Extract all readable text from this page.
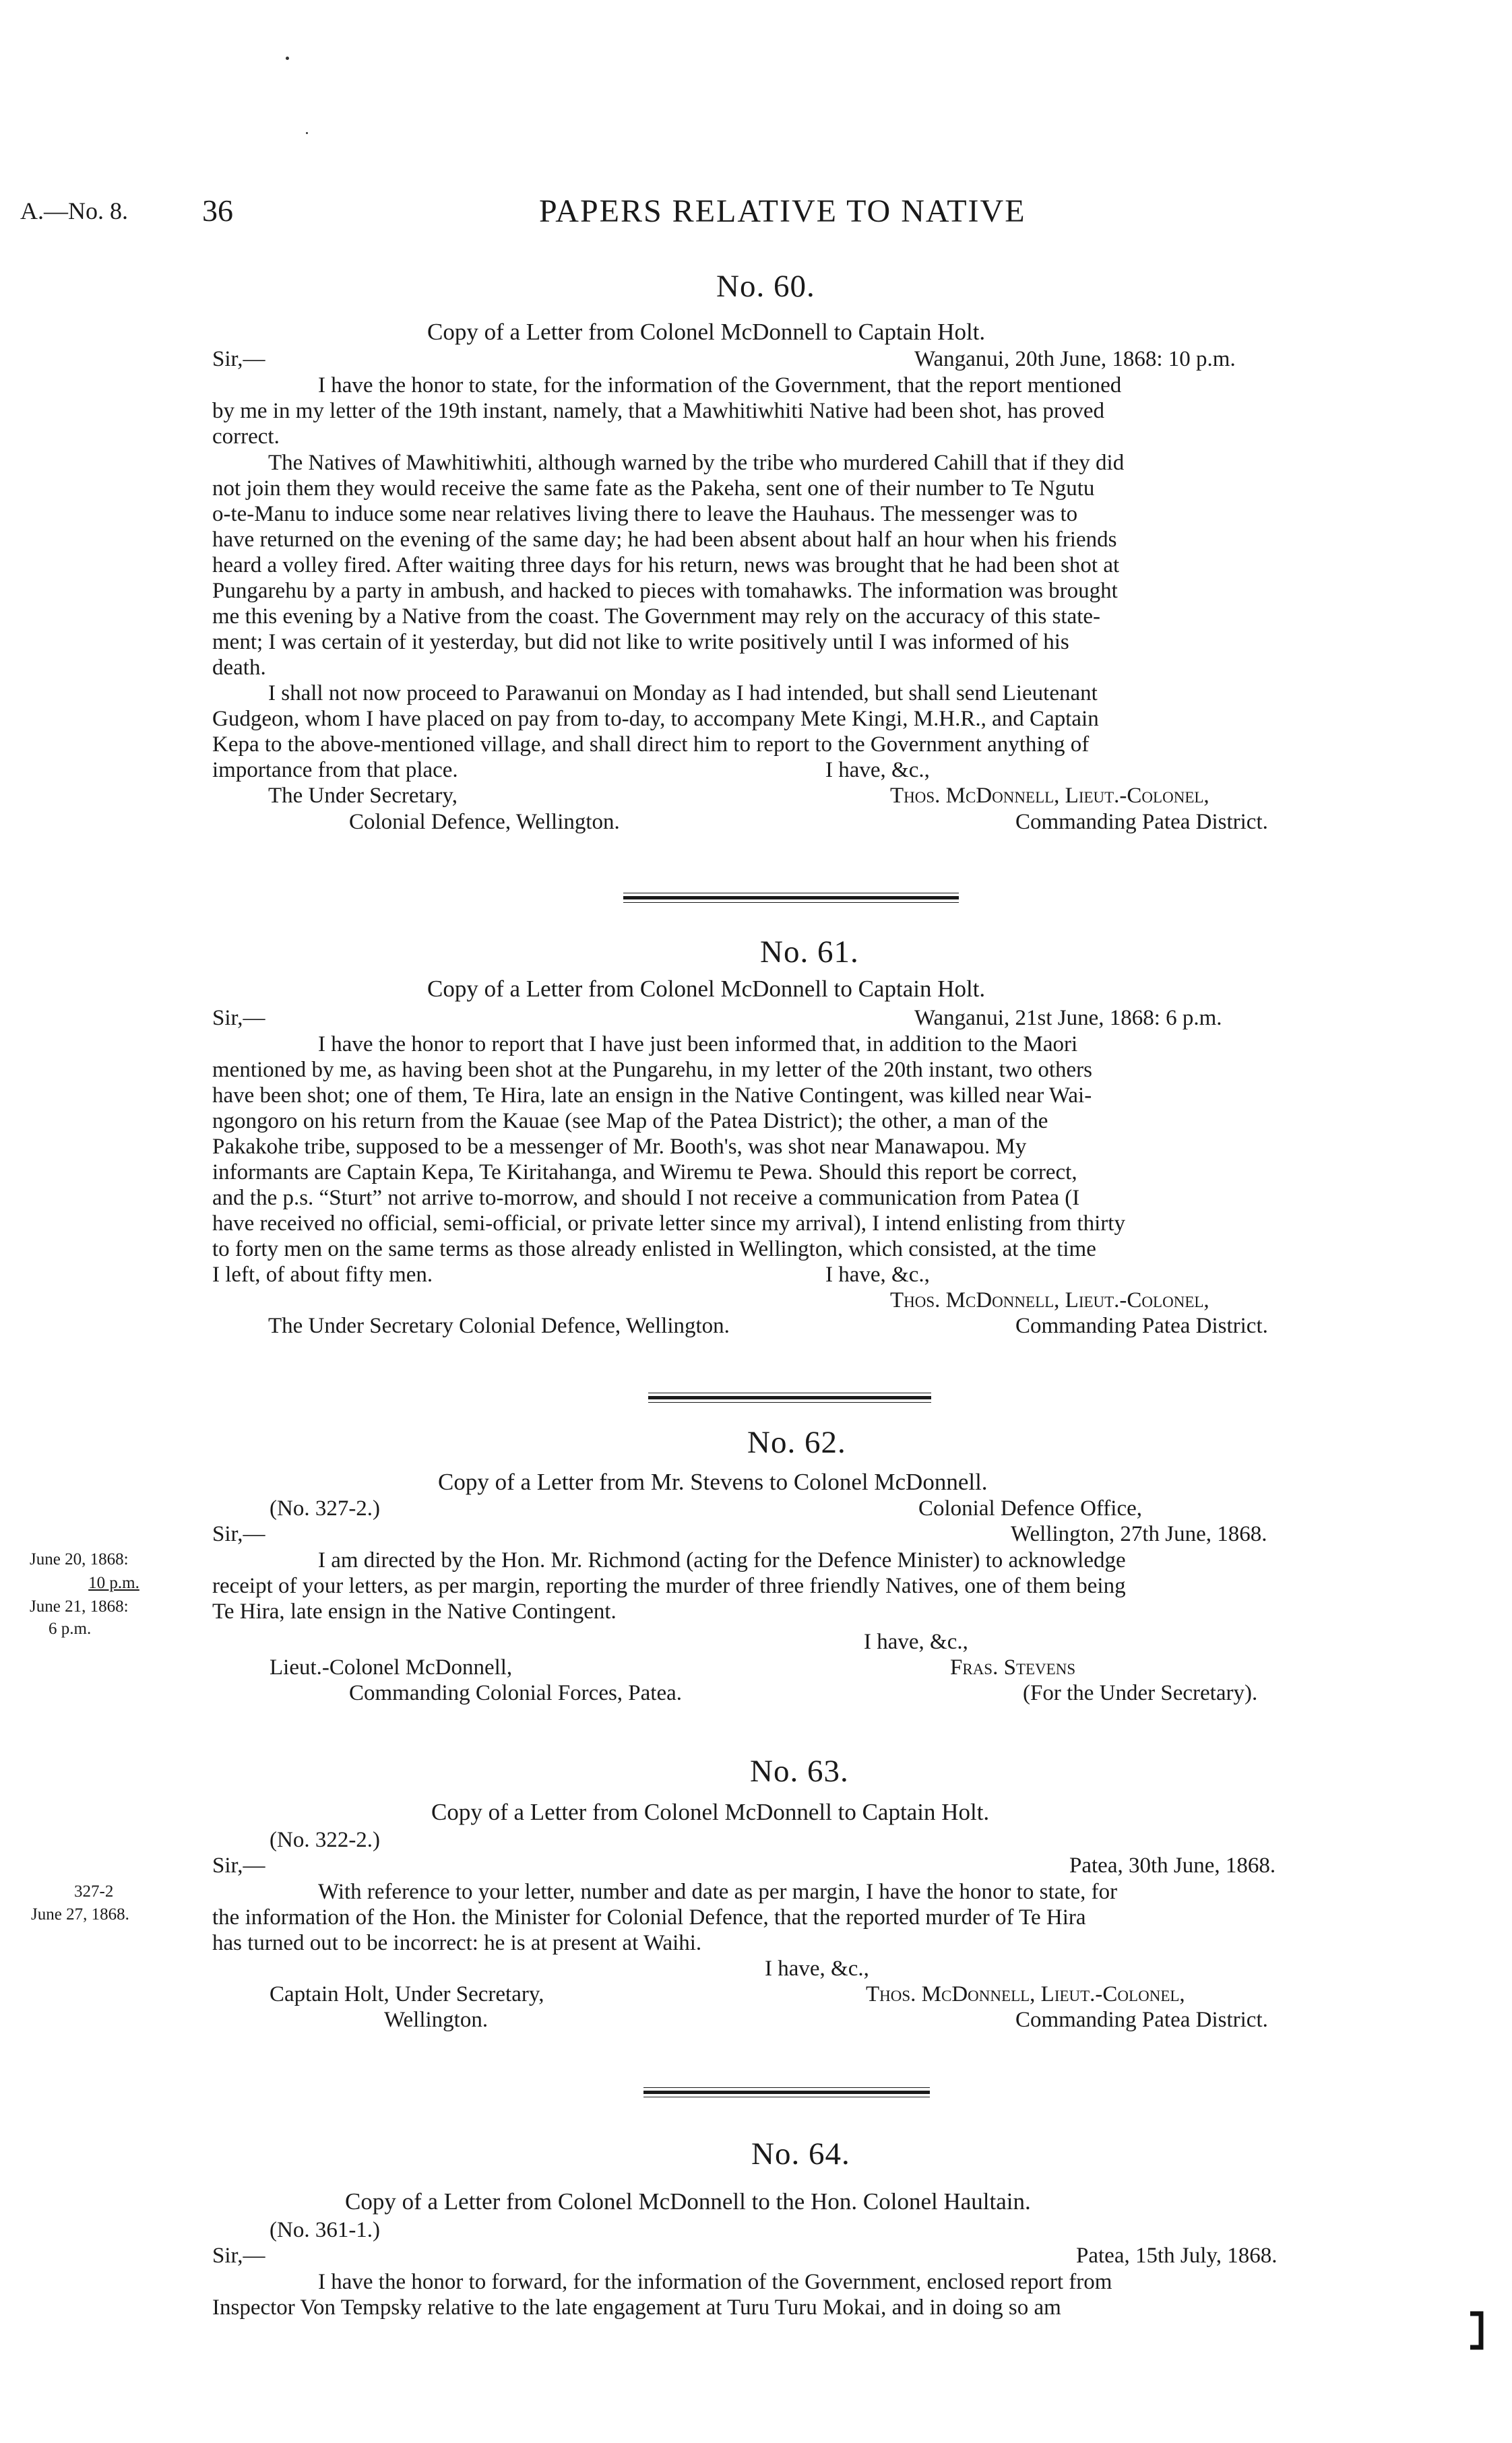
A.—No. 8. 36	PAPERS RELATIVE TO NATIVE
No. 60.
Copy of a Letter from Colonel McDonnell to Captain Holt.
Sir,—	Wanganui, 20th June, 1868: 10 p.m.
I have the honor to state, for the information of the Government, that the report mentioned
by me in my letter of the 19th instant, namely, that a Mawhitiwhiti Native had been shot, has proved
correct.
The Natives of Mawhitiwhiti, although warned by the tribe who murdered Cahill that if they did
not join them they would receive the same fate as the Pakeha, sent one of their number to Te Ngutu
o-te-Manu to induce some near relatives living there to leave the Hauhaus. The messenger was to
have returned on the evening of the same day; he had been absent about half an hour when his friends
heard a volley fired. After waiting three days for his return, news was brought that he had been shot at
Pungarehu by a party in ambush, and hacked to pieces with tomahawks. The information was brought
me this evening by a Native from the coast. The Government may rely on the accuracy of this state-
ment; I was certain of it yesterday, but did not like to write positively until I was informed of his
death.
I shall not now proceed to Parawanui on Monday as I had intended, but shall send Lieutenant
Gudgeon, whom I have placed on pay from to-day, to accompany Mete Kingi, M.H.R., and Captain
Kepa to the above-mentioned village, and shall direct him to report to the Government anything of
importance from that place.	I have, &c.,
The Under Secretary,	Thos. McDonnell, Lieut.-Colonel,
Colonial Defence, Wellington.	Commanding Patea District.
No. 61.
Copy of a Letter from Colonel McDonnell to Captain Holt.
Sir,—	Wanganui, 21st June, 1868: 6 p.m.
I have the honor to report that I have just been informed that, in addition to the Maori
mentioned by me, as having been shot at the Pungarehu, in my letter of the 20th instant, two others
have been shot; one of them, Te Hira, late an ensign in the Native Contingent, was killed near Wai-
ngongoro on his return from the Kauae (see Map of the Patea District); the other, a man of the
Pakakohe tribe, supposed to be a messenger of Mr. Booth's, was shot near Manawapou. My
informants are Captain Kepa, Te Kiritahanga, and Wiremu te Pewa. Should this report be correct,
and the p.s. “Sturt” not arrive to-morrow, and should I not receive a communication from Patea (I
have received no official, semi-official, or private letter since my arrival), I intend enlisting from thirty
to forty men on the same terms as those already enlisted in Wellington, which consisted, at the time
I left, of about fifty men.	I have, &c.,
Thos. McDonnell, Lieut.-Colonel,
The Under Secretary Colonial Defence, Wellington.	Commanding Patea District.
No. 62.
Copy of a Letter from Mr. Stevens to Colonel McDonnell.
(No. 327-2.)	Colonial Defence Office,
Sir,—	Wellington, 27th June, 1868.
June 20, 1868:
10 p.m.
June 21, 1868:
6 p.m.
I am directed by the Hon. Mr. Richmond (acting for the Defence Minister) to acknowledge
receipt of your letters, as per margin, reporting the murder of three friendly Natives, one of them being
Te Hira, late ensign in the Native Contingent.
I have, &c.,
Lieut.-Colonel McDonnell,	Fras. Stevens
Commanding Colonial Forces, Patea.	(For the Under Secretary).
No. 63.
Copy of a Letter from Colonel McDonnell to Captain Holt.
(No. 322-2.)
Sir,—	Patea, 30th June, 1868.
327-2
June 27, 1868.
With reference to your letter, number and date as per margin, I have the honor to state, for
the information of the Hon. the Minister for Colonial Defence, that the reported murder of Te Hira
has turned out to be incorrect: he is at present at Waihi.
I have, &c.,
Captain Holt, Under Secretary,	Thos. McDonnell, Lieut.-Colonel,
Wellington.	Commanding Patea District.
No. 64.
Copy of a Letter from Colonel McDonnell to the Hon. Colonel Haultain.
(No. 361-1.)
Sir,—	Patea, 15th July, 1868.
I have the honor to forward, for the information of the Government, enclosed report from
Inspector Von Tempsky relative to the late engagement at Turu Turu Mokai, and in doing so am
